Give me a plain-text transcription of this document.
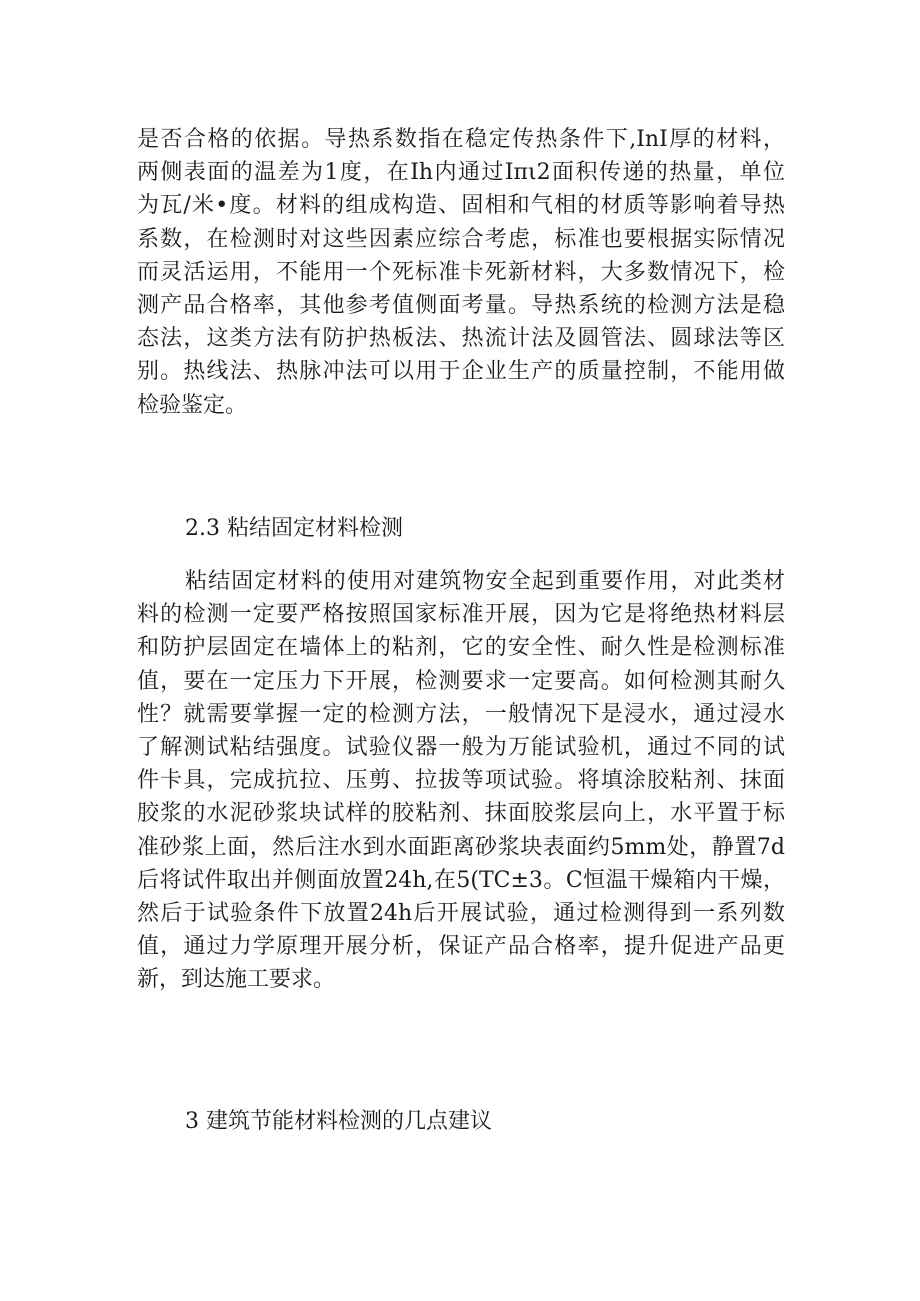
是否合格的依据。导热系数指在稳定传热条件下,InI厚的材料，
两侧表面的温差为1度，在Ih内通过Iπι2面积传递的热量，单位
为瓦/米•度。材料的组成构造、固相和气相的材质等影响着导热
系数，在检测时对这些因素应综合考虑，标准也要根据实际情况
而灵活运用，不能用一个死标准卡死新材料，大多数情况下，检
测产品合格率，其他参考值侧面考量。导热系统的检测方法是稳
态法，这类方法有防护热板法、热流计法及圆管法、圆球法等区
别。热线法、热脉冲法可以用于企业生产的质量控制，不能用做
检验鉴定。
2.3 粘结固定材料检测
粘结固定材料的使用对建筑物安全起到重要作用，对此类材
料的检测一定要严格按照国家标准开展，因为它是将绝热材料层
和防护层固定在墙体上的粘剂，它的安全性、耐久性是检测标准
值，要在一定压力下开展，检测要求一定要高。如何检测其耐久
性？就需要掌握一定的检测方法，一般情况下是浸水，通过浸水
了解测试粘结强度。试验仪器一般为万能试验机，通过不同的试
件卡具，完成抗拉、压剪、拉拔等项试验。将填涂胶粘剂、抹面
胶浆的水泥砂浆块试样的胶粘剂、抹面胶浆层向上，水平置于标
准砂浆上面，然后注水到水面距离砂浆块表面约5mm处，静置7d
后将试件取出并侧面放置24h,在5(TC±3。C恒温干燥箱内干燥，
然后于试验条件下放置24h后开展试验，通过检测得到一系列数
值，通过力学原理开展分析，保证产品合格率，提升促进产品更
新，到达施工要求。
3 建筑节能材料检测的几点建议
